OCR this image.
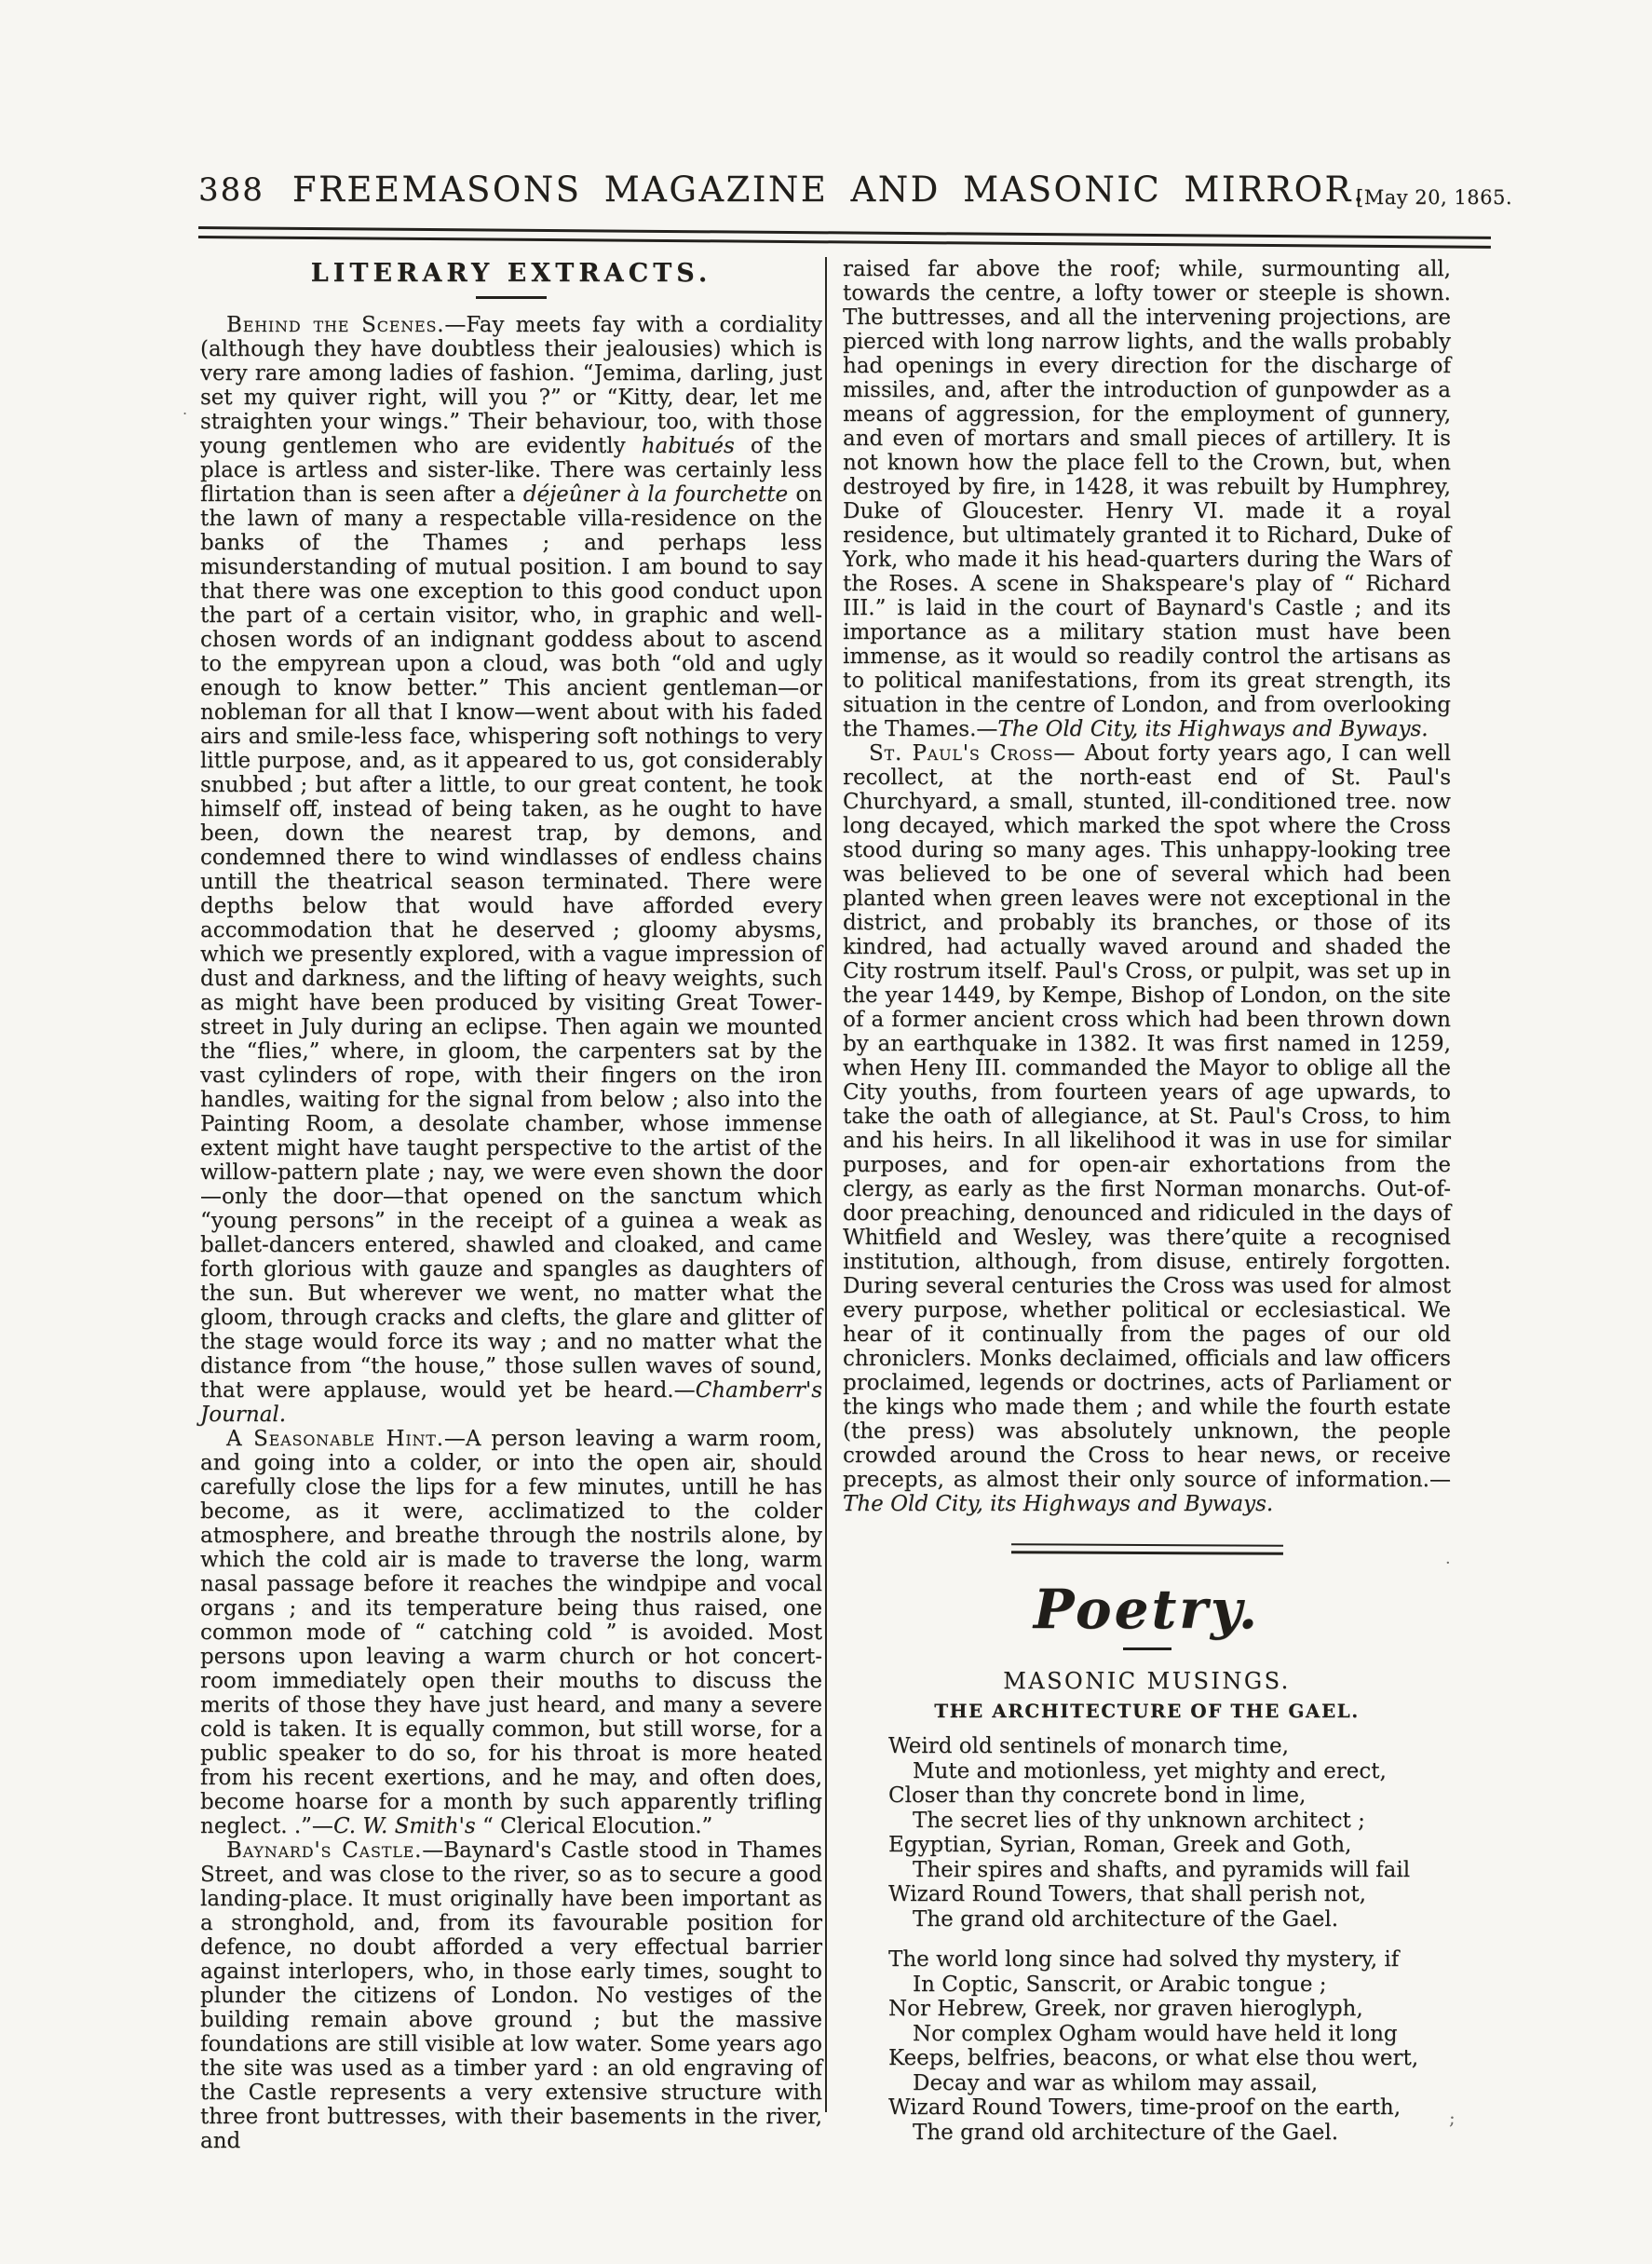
388 FREEMASONS MAGAZINE AND MASONIC MIRROR.
[May 20, 1865.
LITERARY EXTRACTS.

Behind the Scenes.—Fay meets fay with a cordiality (although they have doubtless their jealousies) which is very rare among ladies of fashion. “Jemima, darling, just set my quiver right, will you ?” or “Kitty, dear, let me straighten your wings.” Their behaviour, too, with those young gentlemen who are evidently habitués of the place is artless and sister-like. There was certainly less flirtation than is seen after a déjeûner à la fourchette on the lawn of many a respectable villa-residence on the banks of the Thames ; and perhaps less misunderstanding of mutual position. I am bound to say that there was one exception to this good conduct upon the part of a certain visitor, who, in graphic and well-chosen words of an indignant goddess about to ascend to the empyrean upon a cloud, was both “old and ugly enough to know better.” This ancient gentleman—or nobleman for all that I know—went about with his faded airs and smile-less face, whispering soft nothings to very little purpose, and, as it appeared to us, got considerably snubbed ; but after a little, to our great content, he took himself off, instead of being taken, as he ought to have been, down the nearest trap, by demons, and condemned there to wind windlasses of endless chains untill the theatrical season terminated. There were depths below that would have afforded every accommodation that he deserved ; gloomy abysms, which we presently explored, with a vague impression of dust and darkness, and the lifting of heavy weights, such as might have been produced by visiting Great Tower-street in July during an eclipse. Then again we mounted the “flies,” where, in gloom, the carpenters sat by the vast cylinders of rope, with their fingers on the iron handles, waiting for the signal from below ; also into the Painting Room, a desolate chamber, whose immense extent might have taught perspective to the artist of the willow-pattern plate ; nay, we were even shown the door—only the door—that opened on the sanctum which “young persons” in the receipt of a guinea a weak as ballet-dancers entered, shawled and cloaked, and came forth glorious with gauze and spangles as daughters of the sun. But wherever we went, no matter what the gloom, through cracks and clefts, the glare and glitter of the stage would force its way ; and no matter what the distance from “the house,” those sullen waves of sound, that were applause, would yet be heard.—Chamberr's Journal.

A Seasonable Hint.—A person leaving a warm room, and going into a colder, or into the open air, should carefully close the lips for a few minutes, untill he has become, as it were, acclimatized to the colder atmosphere, and breathe through the nostrils alone, by which the cold air is made to traverse the long, warm nasal passage before it reaches the windpipe and vocal organs ; and its temperature being thus raised, one common mode of “ catching cold ” is avoided. Most persons upon leaving a warm church or hot concert-room immediately open their mouths to discuss the merits of those they have just heard, and many a severe cold is taken. It is equally common, but still worse, for a public speaker to do so, for his throat is more heated from his recent exertions, and he may, and often does, become hoarse for a month by such apparently trifling neglect. .”—C. W. Smith's “ Clerical Elocution.”

Baynard's Castle.—Baynard's Castle stood in Thames Street, and was close to the river, so as to secure a good landing-place. It must originally have been important as a stronghold, and, from its favourable position for defence, no doubt afforded a very effectual barrier against interlopers, who, in those early times, sought to plunder the citizens of London. No vestiges of the building remain above ground ; but the massive foundations are still visible at low water. Some years ago the site was used as a timber yard : an old engraving of the Castle represents a very extensive structure with three front buttresses, with their basements in the river, and

raised far above the roof; while, surmounting all, towards the centre, a lofty tower or steeple is shown. The buttresses, and all the intervening projections, are pierced with long narrow lights, and the walls probably had openings in every direction for the discharge of missiles, and, after the introduction of gunpowder as a means of aggression, for the employment of gunnery, and even of mortars and small pieces of artillery. It is not known how the place fell to the Crown, but, when destroyed by fire, in 1428, it was rebuilt by Humphrey, Duke of Gloucester. Henry VI. made it a royal residence, but ultimately granted it to Richard, Duke of York, who made it his head-quarters during the Wars of the Roses. A scene in Shakspeare's play of “ Richard III.” is laid in the court of Baynard's Castle ; and its importance as a military station must have been immense, as it would so readily control the artisans as to political manifestations, from its great strength, its situation in the centre of London, and from overlooking the Thames.—The Old City, its Highways and Byways.

St. Paul's Cross— About forty years ago, I can well recollect, at the north-east end of St. Paul's Churchyard, a small, stunted, ill-conditioned tree. now long decayed, which marked the spot where the Cross stood during so many ages. This unhappy-looking tree was believed to be one of several which had been planted when green leaves were not exceptional in the district, and probably its branches, or those of its kindred, had actually waved around and shaded the City rostrum itself. Paul's Cross, or pulpit, was set up in the year 1449, by Kempe, Bishop of London, on the site of a former ancient cross which had been thrown down by an earthquake in 1382. It was first named in 1259, when Heny III. commanded the Mayor to oblige all the City youths, from fourteen years of age upwards, to take the oath of allegiance, at St. Paul's Cross, to him and his heirs. In all likelihood it was in use for similar purposes, and for open-air exhortations from the clergy, as early as the first Norman monarchs. Out-of-door preaching, denounced and ridiculed in the days of Whitfield and Wesley, was there’quite a recognised institution, although, from disuse, entirely forgotten. During several centuries the Cross was used for almost every purpose, whether political or ecclesiastical. We hear of it continually from the pages of our old chroniclers. Monks declaimed, officials and law officers proclaimed, legends or doctrines, acts of Parliament or the kings who made them ; and while the fourth estate (the press) was absolutely unknown, the people crowded around the Cross to hear news, or receive precepts, as almost their only source of information.—The Old City, its Highways and Byways.

Poetry.
MASONIC MUSINGS.
THE ARCHITECTURE OF THE GAEL.
Weird old sentinels of monarch time,
Mute and motionless, yet mighty and erect,
Closer than thy concrete bond in lime,
The secret lies of thy unknown architect ;
Egyptian, Syrian, Roman, Greek and Goth,
Their spires and shafts, and pyramids will fail
Wizard Round Towers, that shall perish not,
The grand old architecture of the Gael.
The world long since had solved thy mystery, if
In Coptic, Sanscrit, or Arabic tongue ;
Nor Hebrew, Greek, nor graven hieroglyph,
Nor complex Ogham would have held it long
Keeps, belfries, beacons, or what else thou wert,
Decay and war as whilom may assail,
Wizard Round Towers, time-proof on the earth,
The grand old architecture of the Gael.
;
·
.
